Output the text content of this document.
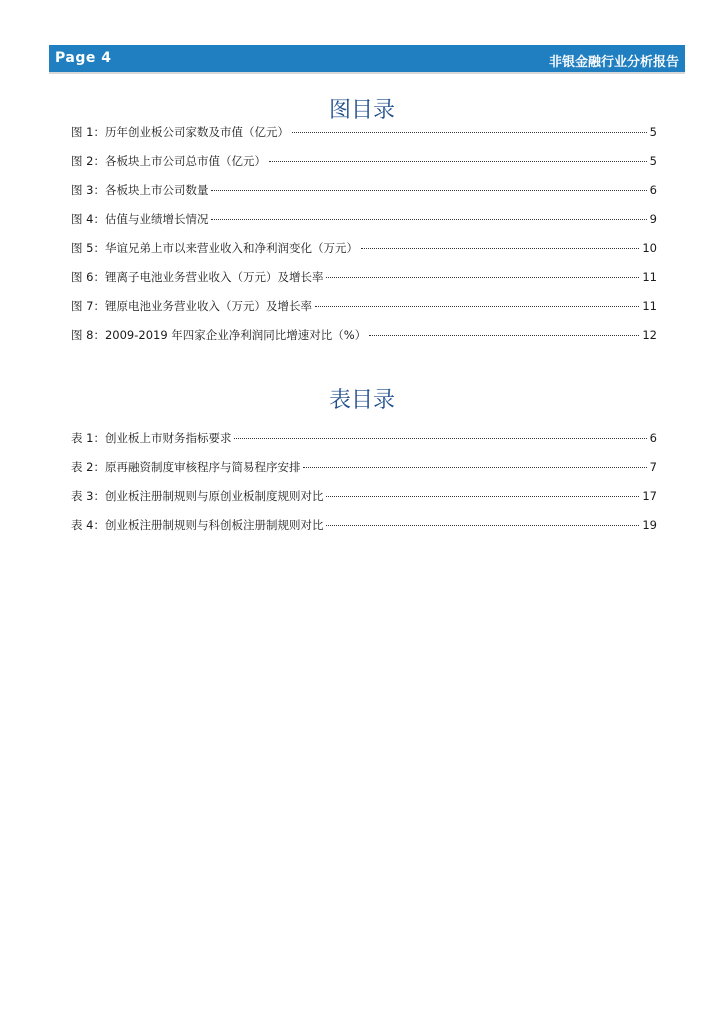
Page 4	非银金融行业分析报告
图目录
图 1：历年创业板公司家数及市值（亿元）	5
图 2：各板块上市公司总市值（亿元）	5
图 3：各板块上市公司数量	6
图 4：估值与业绩增长情况	9
图 5：华谊兄弟上市以来营业收入和净利润变化（万元）	10
图 6：锂离子电池业务营业收入（万元）及增长率	11
图 7：锂原电池业务营业收入（万元）及增长率	11
图 8：2009-2019 年四家企业净利润同比增速对比（%）	12
表目录
表 1：创业板上市财务指标要求	6
表 2：原再融资制度审核程序与简易程序安排	7
表 3：创业板注册制规则与原创业板制度规则对比	17
表 4：创业板注册制规则与科创板注册制规则对比	19
